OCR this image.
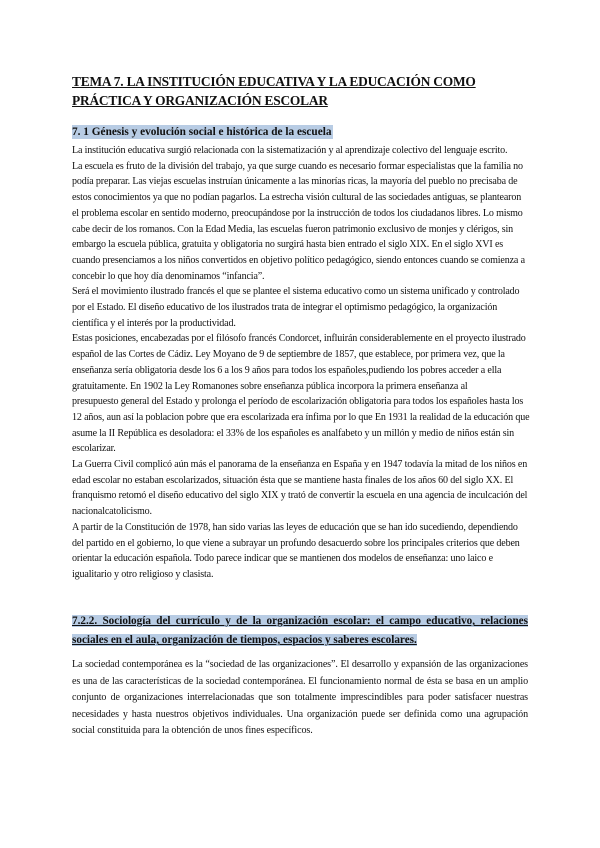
TEMA 7. LA INSTITUCIÓN EDUCATIVA Y LA EDUCACIÓN COMO PRÁCTICA Y ORGANIZACIÓN ESCOLAR
7. 1 Génesis y evolución social e histórica de la escuela

La institución educativa surgió relacionada con la sistematización y al aprendizaje colectivo del lenguaje escrito.

La escuela es fruto de la división del trabajo, ya que surge cuando es necesario formar especialistas que la familia no podía preparar. Las viejas escuelas instruían únicamente a las minorías ricas, la mayoría del pueblo no precisaba de estos conocimientos ya que no podían pagarlos. La estrecha visión cultural de las sociedades antiguas, se plantearon el problema escolar en sentido moderno, preocupándose por la instrucción de todos los ciudadanos libres. Lo mismo cabe decir de los romanos. Con la Edad Media, las escuelas fueron patrimonio exclusivo de monjes y clérigos, sin embargo la escuela pública, gratuita y obligatoria no surgirá hasta bien entrado el siglo XIX. En el siglo XVI es cuando presenciamos a los niños convertidos en objetivo político pedagógico, siendo entonces cuando se comienza a concebir lo que hoy día denominamos “infancia”.

Será el movimiento ilustrado francés el que se plantee el sistema educativo como un sistema unificado y controlado por el Estado. El diseño educativo de los ilustrados trata de integrar el optimismo pedagógico, la organización científica y el interés por la productividad.

Estas posiciones, encabezadas por el filósofo francés Condorcet, influirán considerablemente en el proyecto ilustrado español de las Cortes de Cádiz. Ley Moyano de 9 de septiembre de 1857, que establece, por primera vez, que la enseñanza sería obligatoria desde los 6 a los 9 años para todos los españoles,pudiendo los pobres acceder a ella gratuitamente. En 1902 la Ley Romanones sobre enseñanza pública incorpora la primera enseñanza al

presupuesto general del Estado y prolonga el período de escolarización obligatoria para todos los españoles hasta los 12 años, aun así la poblacion pobre que era escolarizada era ínfima por lo que En 1931 la realidad de la educación que asume la II República es desoladora: el 33% de los españoles es analfabeto y un millón y medio de niños están sin escolarizar.

La Guerra Civil complicó aún más el panorama de la enseñanza en España y en 1947 todavía la mitad de los niños en edad escolar no estaban escolarizados, situación ésta que se mantiene hasta finales de los años 60 del siglo XX. El franquismo retomó el diseño educativo del siglo XIX y trató de convertir la escuela en una agencia de inculcación del nacionalcatolicismo.

A partir de la Constitución de 1978, han sido varias las leyes de educación que se han ido sucediendo, dependiendo del partido en el gobierno, lo que viene a subrayar un profundo desacuerdo sobre los principales criterios que deben orientar la educación española. Todo parece indicar que se mantienen dos modelos de enseñanza: uno laico e igualitario y otro religioso y clasista.

7.2.2. Sociología del currículo y de la organización escolar: el campo educativo, relaciones sociales en el aula, organización de tiempos, espacios y saberes escolares.

La sociedad contemporánea es la “sociedad de las organizaciones”. El desarrollo y expansión de las organizaciones es una de las características de la sociedad contemporánea. El funcionamiento normal de ésta se basa en un amplio conjunto de organizaciones interrelacionadas que son totalmente imprescindibles para poder satisfacer nuestras necesidades y hasta nuestros objetivos individuales. Una organización puede ser definida como una agrupación social constituida para la obtención de unos fines específicos.
